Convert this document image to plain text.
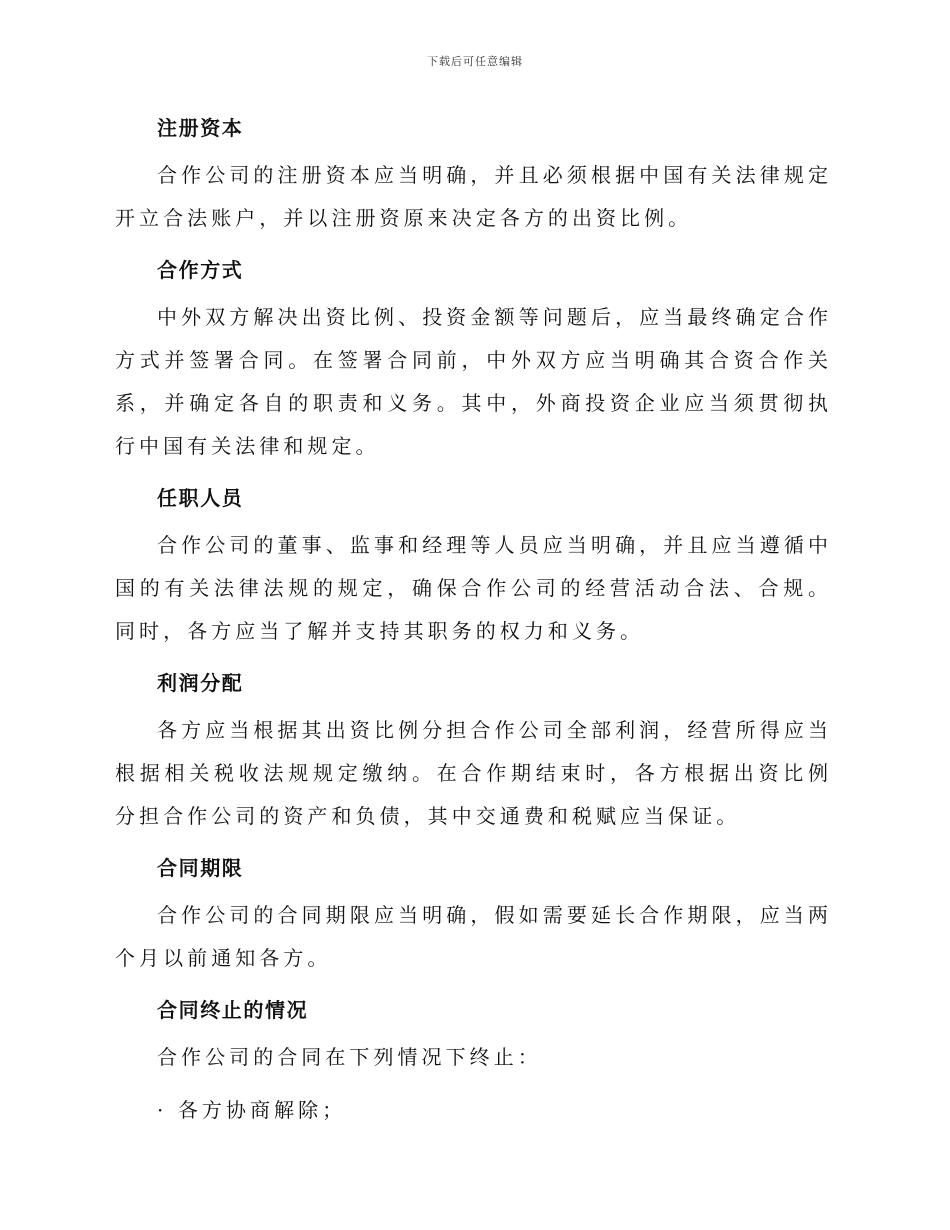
下载后可任意编辑
注册资本

合作公司的注册资本应当明确，并且必须根据中国有关法律规定开立合法账户，并以注册资原来决定各方的出资比例。

合作方式

中外双方解决出资比例、投资金额等问题后，应当最终确定合作方式并签署合同。在签署合同前，中外双方应当明确其合资合作关系，并确定各自的职责和义务。其中，外商投资企业应当须贯彻执行中国有关法律和规定。

任职人员

合作公司的董事、监事和经理等人员应当明确，并且应当遵循中国的有关法律法规的规定，确保合作公司的经营活动合法、合规。同时，各方应当了解并支持其职务的权力和义务。

利润分配

各方应当根据其出资比例分担合作公司全部利润，经营所得应当根据相关税收法规规定缴纳。在合作期结束时，各方根据出资比例分担合作公司的资产和负债，其中交通费和税赋应当保证。

合同期限

合作公司的合同期限应当明确，假如需要延长合作期限，应当两个月以前通知各方。

合同终止的情况

合作公司的合同在下列情况下终止：

· 各方协商解除；
